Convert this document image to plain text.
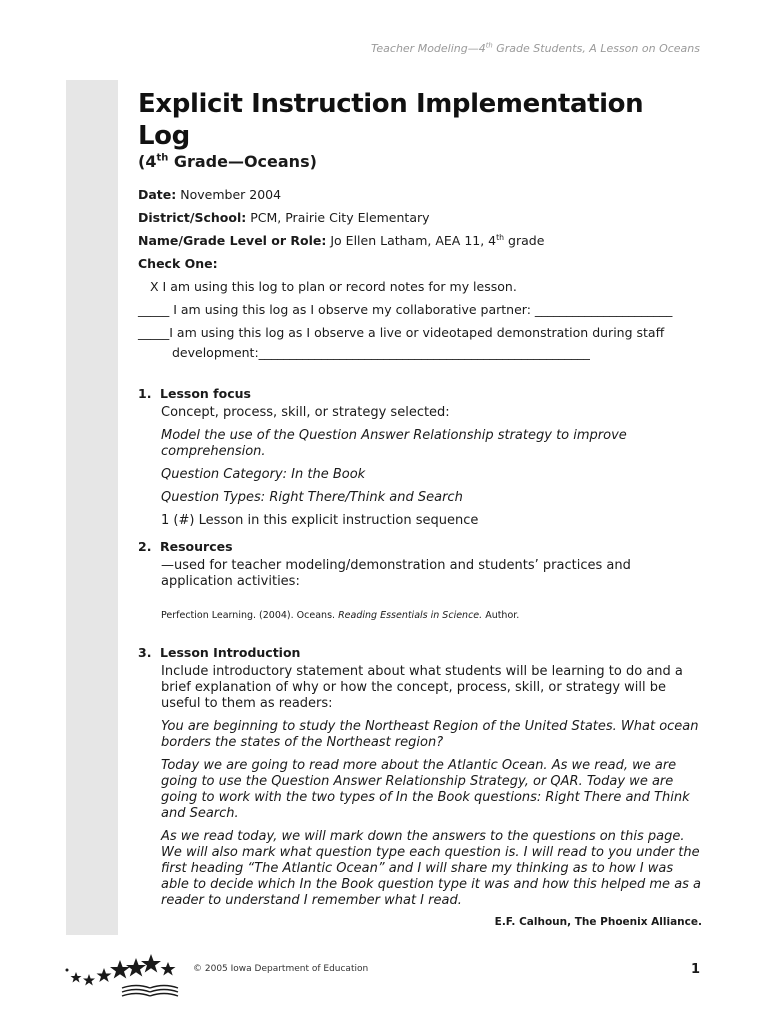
Teacher Modeling—4th Grade Students, A Lesson on Oceans
Explicit Instruction Implementation Log
(4th Grade—Oceans)
Date: November 2004
District/School: PCM, Prairie City Elementary
Name/Grade Level or Role: Jo Ellen Latham, AEA 11, 4th grade
Check One:
X I am using this log to plan or record notes for my lesson.
_____ I am using this log as I observe my collaborative partner: ______________________
_____I am using this log as I observe a live or videotaped demonstration during staff
development:_____________________________________________________
1. Lesson focus

Concept, process, skill, or strategy selected:

Model the use of the Question Answer Relationship strategy to improve comprehension.

Question Category: In the Book

Question Types: Right There/Think and Search

1 (#) Lesson in this explicit instruction sequence

2. Resources

—used for teacher modeling/demonstration and students’ practices and application activities:

Perfection Learning. (2004). Oceans. Reading Essentials in Science. Author.

3. Lesson Introduction

Include introductory statement about what students will be learning to do and a brief explanation of why or how the concept, process, skill, or strategy will be useful to them as readers:

You are beginning to study the Northeast Region of the United States. What ocean borders the states of the Northeast region?

Today we are going to read more about the Atlantic Ocean. As we read, we are going to use the Question Answer Relationship Strategy, or QAR. Today we are going to work with the two types of In the Book questions: Right There and Think and Search.

As we read today, we will mark down the answers to the questions on this page. We will also mark what question type each question is. I will read to you under the first heading “The Atlantic Ocean” and I will share my thinking as to how I was able to decide which In the Book question type it was and how this helped me as a reader to understand I remember what I read.

E.F. Calhoun, The Phoenix Alliance.
© 2005 Iowa Department of Education	1
